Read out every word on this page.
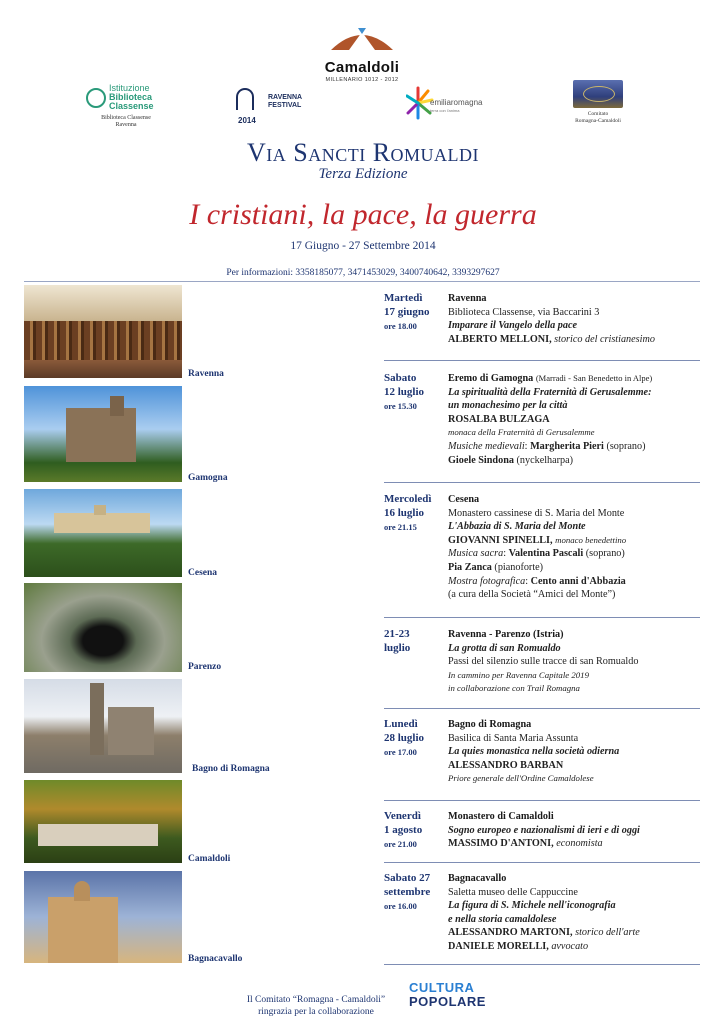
Camaldoli
MILLENARIO 1012 - 2012
Istituzione
Biblioteca
Classense
Biblioteca Classense
Ravenna
RAVENNA
FESTIVAL
2014
emiliaromagna
terra con l'anima
Comitato
Romagna-Camaldoli
Via Sancti Romualdi
Terza Edizione
I cristiani, la pace, la guerra
17 Giugno - 27 Settembre 2014
Per informazioni: 3358185077, 3471453029, 3400740642, 3393297627
Ravenna
Gamogna
Cesena
Parenzo
Bagno di Romagna
Camaldoli
Bagnacavallo
Martedì
17 giugno
ore 18.00
Ravenna
Biblioteca Classense, via Baccarini 3
Imparare il Vangelo della pace
ALBERTO MELLONI, storico del cristianesimo
Sabato
12 luglio
ore 15.30
Eremo di Gamogna (Marradi - San Benedetto in Alpe)
La spiritualità della Fraternità di Gerusalemme:
un monachesimo per la città
ROSALBA BULZAGA
monaca della Fraternità di Gerusalemme
Musiche medievali: Margherita Pieri (soprano)
Gioele Sindona (nyckelharpa)
Mercoledì
16 luglio
ore 21.15
Cesena
Monastero cassinese di S. Maria del Monte
L'Abbazia di S. Maria del Monte
GIOVANNI SPINELLI, monaco benedettino
Musica sacra: Valentina Pascali (soprano)
Pia Zanca (pianoforte)
Mostra fotografica: Cento anni d'Abbazia
(a cura della Società “Amici del Monte”)
21-23
luglio
Ravenna - Parenzo (Istria)
La grotta di san Romualdo
Passi del silenzio sulle tracce di san Romualdo
In cammino per Ravenna Capitale 2019
in collaborazione con Trail Romagna
Lunedì
28 luglio
ore 17.00
Bagno di Romagna
Basilica di Santa Maria Assunta
La quies monastica nella società odierna
ALESSANDRO BARBAN
Priore generale dell'Ordine Camaldolese
Venerdì
1 agosto
ore 21.00
Monastero di Camaldoli
Sogno europeo e nazionalismi di ieri e di oggi
MASSIMO D'ANTONI, economista
Sabato 27
settembre
ore 16.00
Bagnacavallo
Saletta museo delle Cappuccine
La figura di S. Michele nell'iconografia
e nella storia camaldolese
ALESSANDRO MARTONI, storico dell'arte
DANIELE MORELLI, avvocato
Il Comitato “Romagna - Camaldoli”
ringrazia per la collaborazione
CULTURA
POPOLARE
